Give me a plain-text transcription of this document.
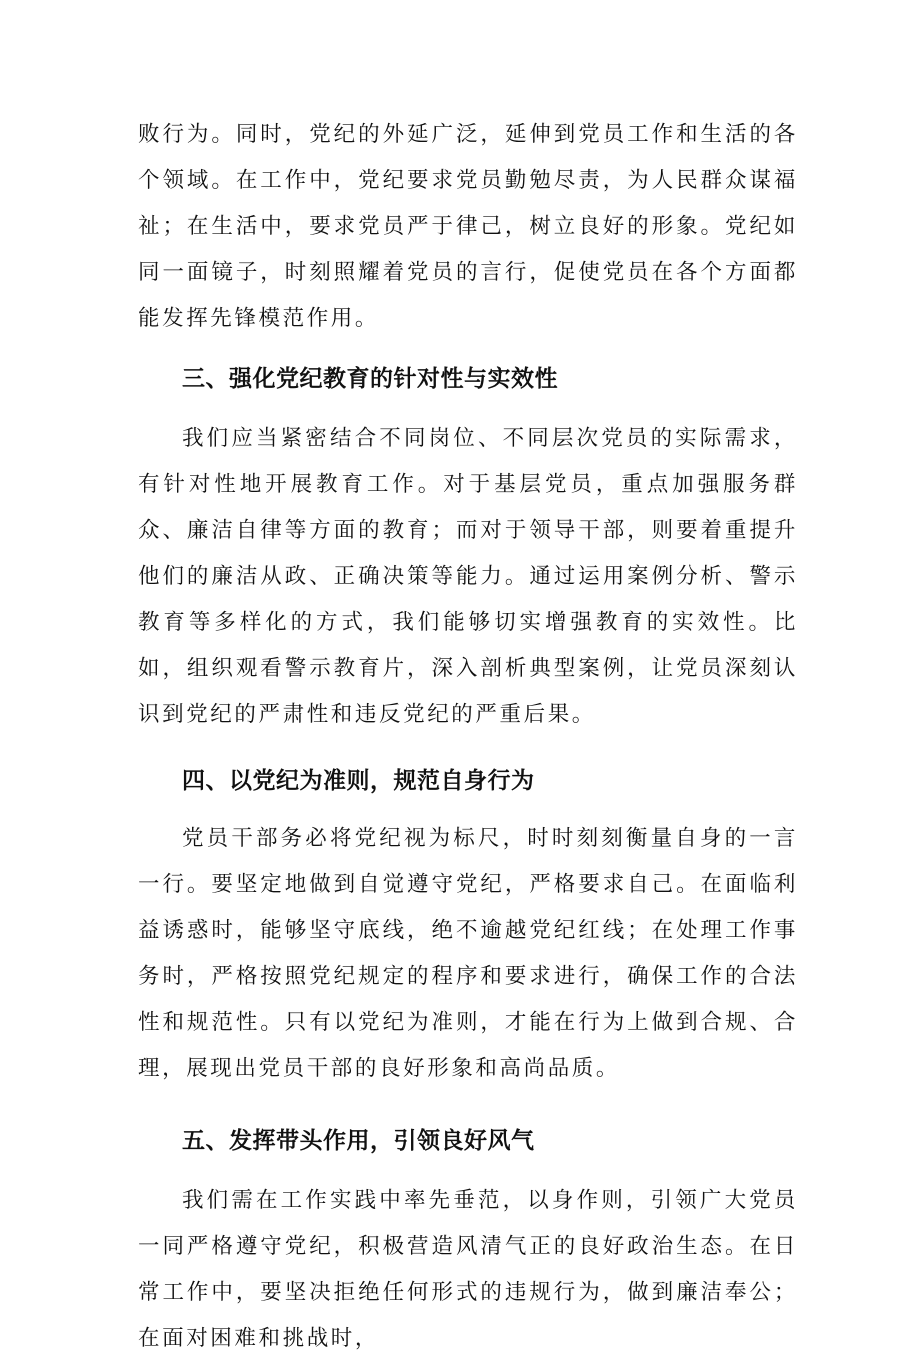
败行为。同时，党纪的外延广泛，延伸到党员工作和生活的各个领域。在工作中，党纪要求党员勤勉尽责，为人民群众谋福祉；在生活中，要求党员严于律己，树立良好的形象。党纪如同一面镜子，时刻照耀着党员的言行，促使党员在各个方面都能发挥先锋模范作用。

三、强化党纪教育的针对性与实效性

我们应当紧密结合不同岗位、不同层次党员的实际需求，有针对性地开展教育工作。对于基层党员，重点加强服务群众、廉洁自律等方面的教育；而对于领导干部，则要着重提升他们的廉洁从政、正确决策等能力。通过运用案例分析、警示教育等多样化的方式，我们能够切实增强教育的实效性。比如，组织观看警示教育片，深入剖析典型案例，让党员深刻认识到党纪的严肃性和违反党纪的严重后果。

四、以党纪为准则，规范自身行为

党员干部务必将党纪视为标尺，时时刻刻衡量自身的一言一行。要坚定地做到自觉遵守党纪，严格要求自己。在面临利益诱惑时，能够坚守底线，绝不逾越党纪红线；在处理工作事务时，严格按照党纪规定的程序和要求进行，确保工作的合法性和规范性。只有以党纪为准则，才能在行为上做到合规、合理，展现出党员干部的良好形象和高尚品质。

五、发挥带头作用，引领良好风气

我们需在工作实践中率先垂范，以身作则，引领广大党员一同严格遵守党纪，积极营造风清气正的良好政治生态。在日常工作中，要坚决拒绝任何形式的违规行为，做到廉洁奉公；在面对困难和挑战时，
